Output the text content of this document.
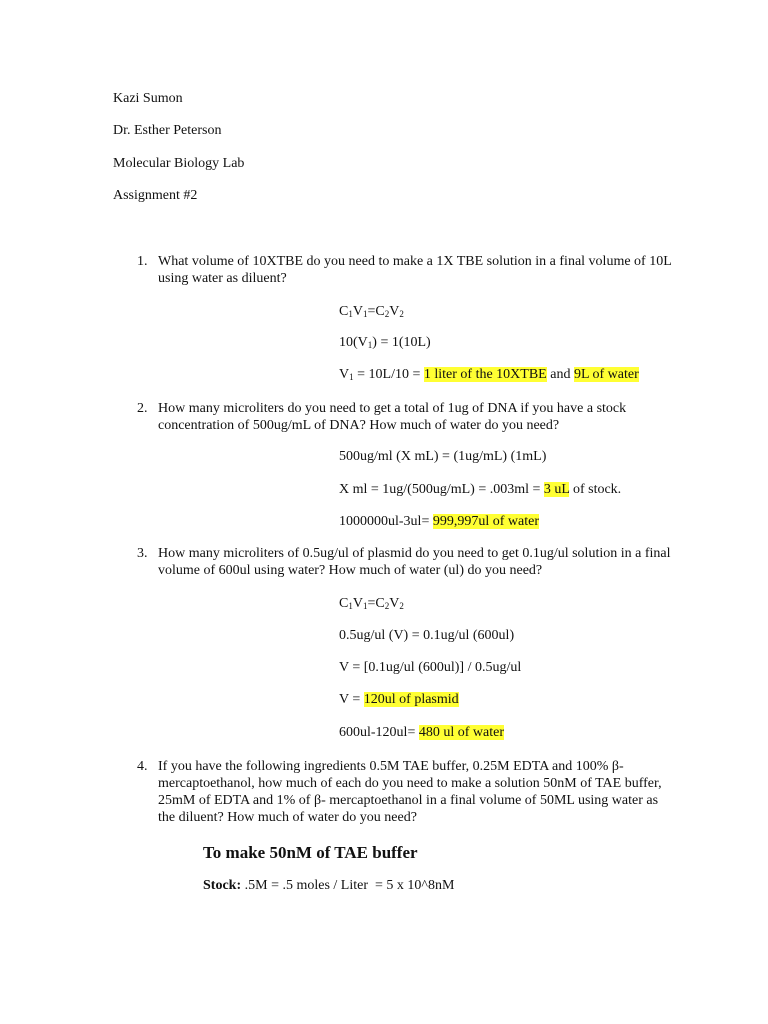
Kazi Sumon
Dr. Esther Peterson
Molecular Biology Lab
Assignment #2
1. What volume of 10XTBE do you need to make a 1X TBE solution in a final volume of 10L using water as diluent?
$C_1V_1=C_2V_2$
$10(V_1) = 1(10L)$
$V_1 = 10L/10 = 1$ liter of the 10XTBE and 9L of water
2. How many microliters do you need to get a total of 1ug of DNA if you have a stock concentration of 500ug/mL of DNA? How much of water do you need?
500ug/ml (X mL) = (1ug/mL) (1mL)
X ml = 1ug/(500ug/mL) = .003ml = 3 uL of stock.
1000000ul-3ul= 999,997ul of water
3. How many microliters of 0.5ug/ul of plasmid do you need to get 0.1ug/ul solution in a final volume of 600ul using water? How much of water (ul) do you need?
$C_1V_1=C_2V_2$
0.5ug/ul (V) = 0.1ug/ul (600ul)
V = [0.1ug/ul (600ul)] / 0.5ug/ul
V = 120ul of plasmid
600ul-120ul= 480 ul of water
4. If you have the following ingredients 0.5M TAE buffer, 0.25M EDTA and 100% β-mercaptoethanol, how much of each do you need to make a solution 50nM of TAE buffer, 25mM of EDTA and 1% of β- mercaptoethanol in a final volume of 50ML using water as the diluent? How much of water do you need?
To make 50nM of TAE buffer
Stock: .5M = .5 moles / Liter  = 5 x 10^8nM
